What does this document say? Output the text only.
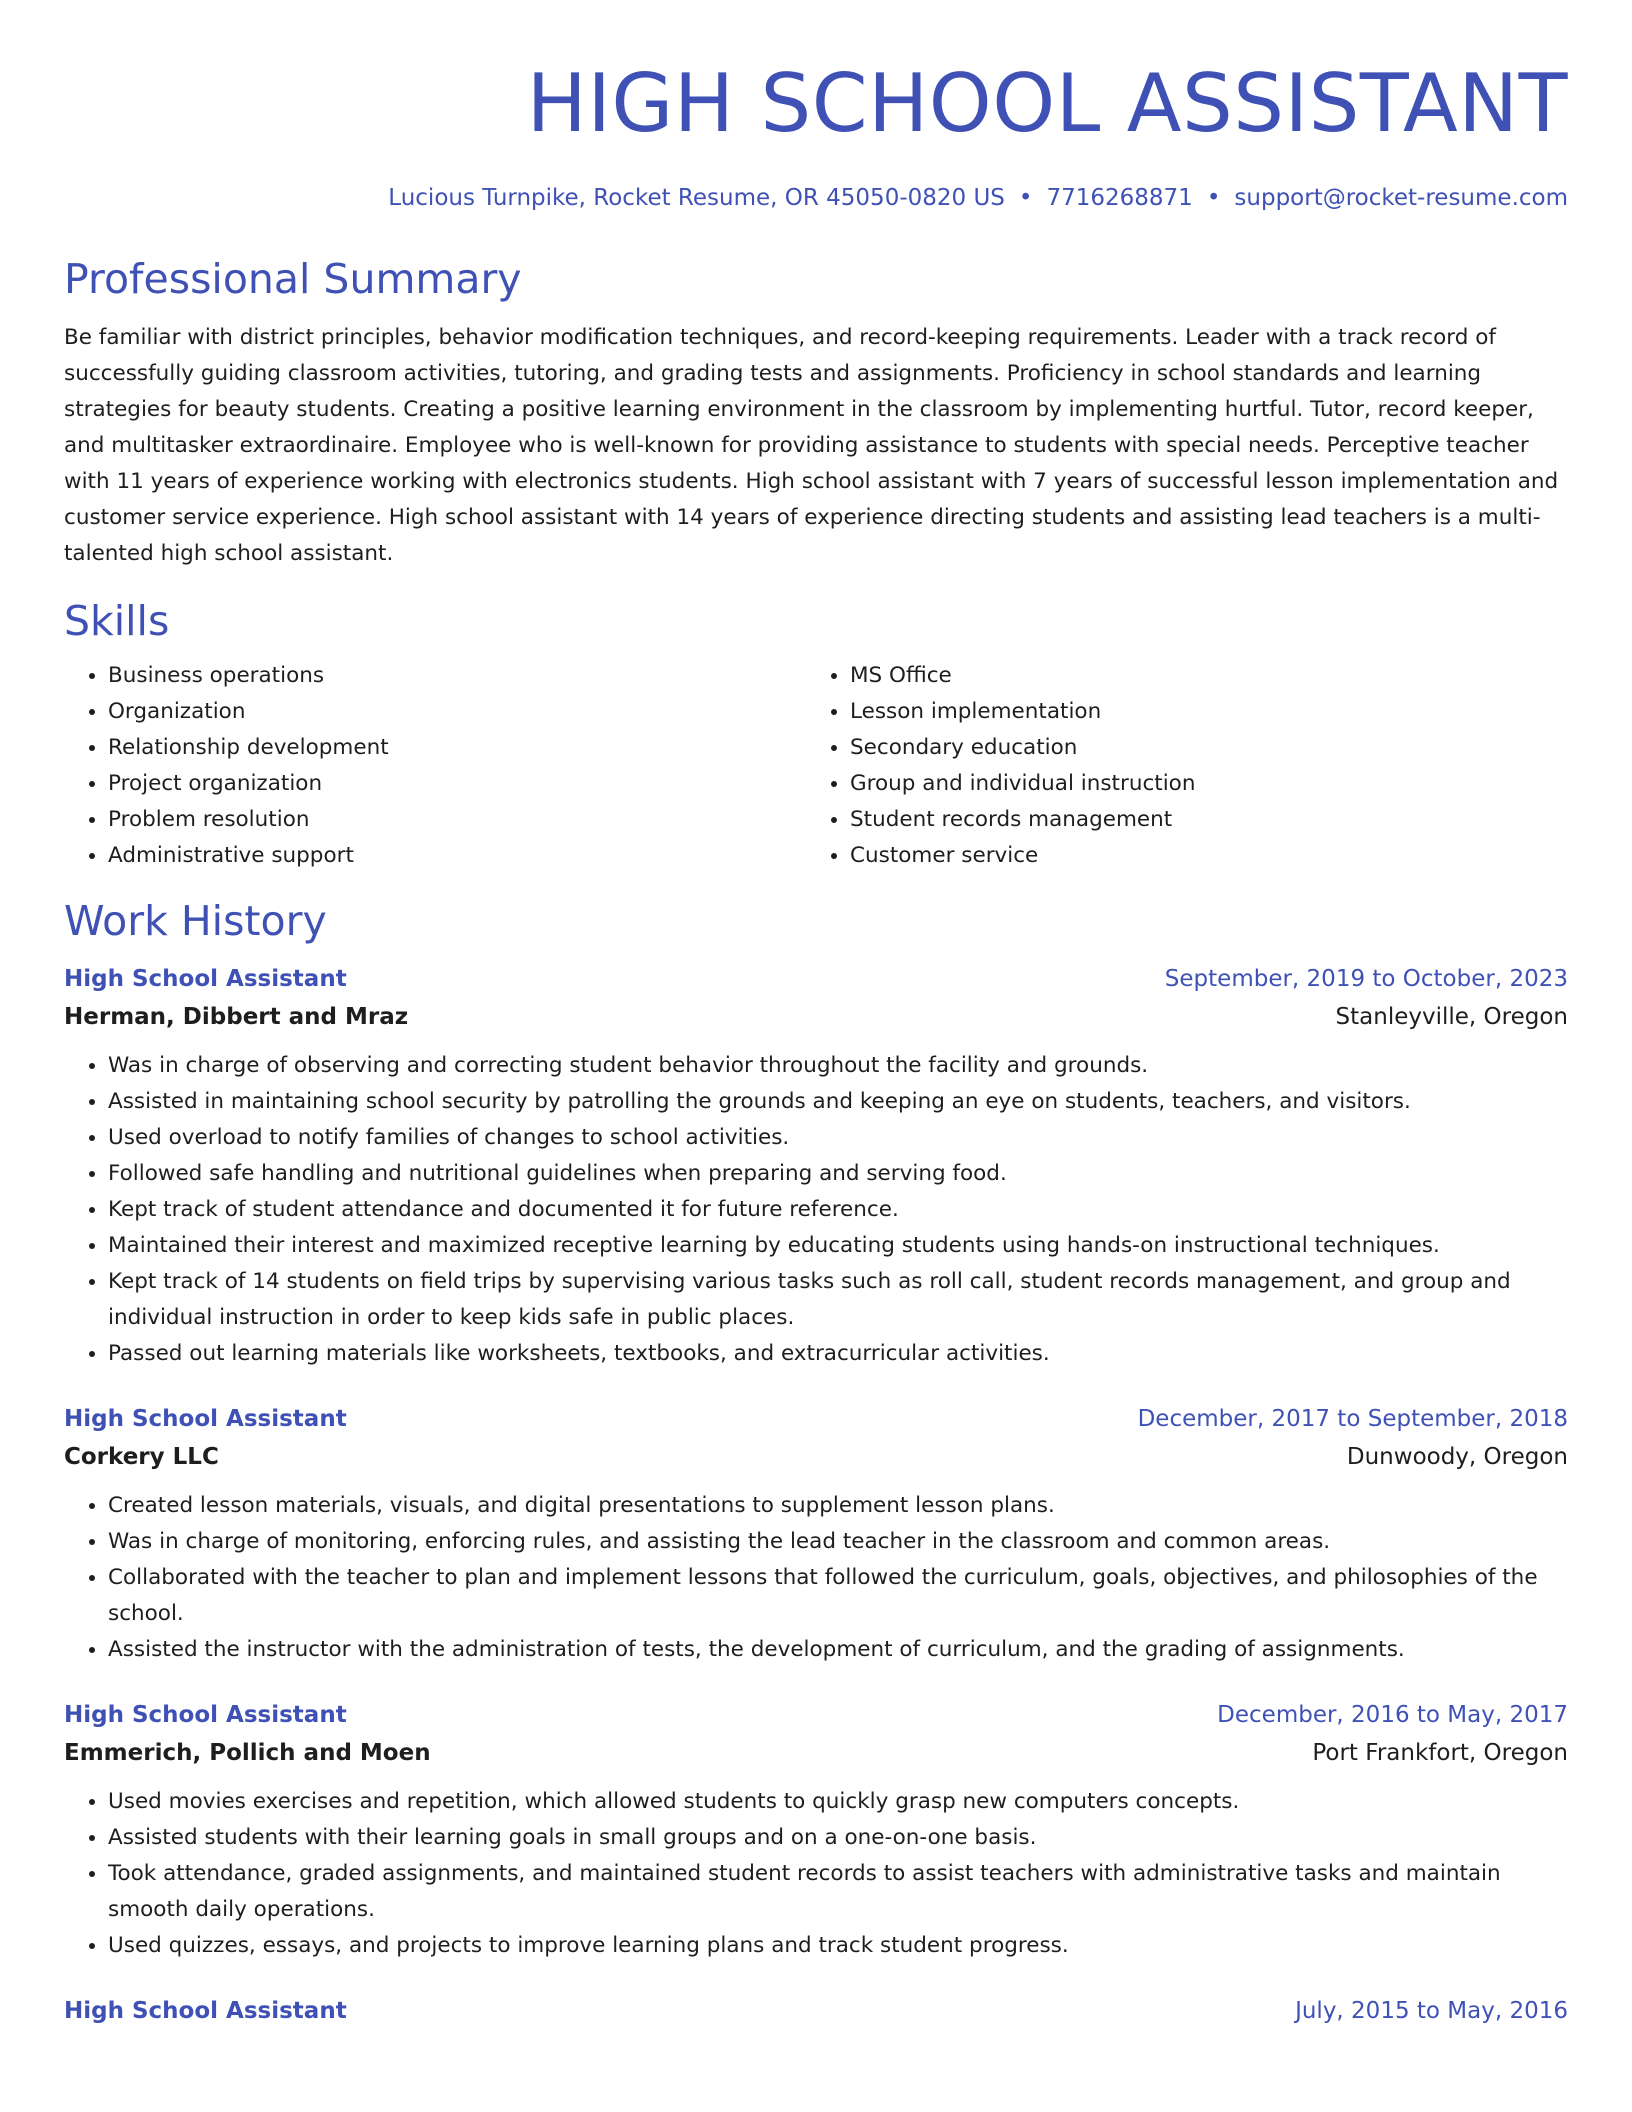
HIGH SCHOOL ASSISTANT
Lucious Turnpike, Rocket Resume, OR 45050-0820 US • 7716268871 • support@rocket-resume.com
Professional Summary
Be familiar with district principles, behavior modification techniques, and record-keeping requirements. Leader with a track record of successfully guiding classroom activities, tutoring, and grading tests and assignments. Proficiency in school standards and learning strategies for beauty students. Creating a positive learning environment in the classroom by implementing hurtful. Tutor, record keeper, and multitasker extraordinaire. Employee who is well-known for providing assistance to students with special needs. Perceptive teacher with 11 years of experience working with electronics students. High school assistant with 7 years of successful lesson implementation and customer service experience. High school assistant with 14 years of experience directing students and assisting lead teachers is a multi-talented high school assistant.
Skills
• Business operations
• Organization
• Relationship development
• Project organization
• Problem resolution
• Administrative support
• MS Office
• Lesson implementation
• Secondary education
• Group and individual instruction
• Student records management
• Customer service
Work History
High School Assistant	September, 2019 to October, 2023
Herman, Dibbert and Mraz	Stanleyville, Oregon
• Was in charge of observing and correcting student behavior throughout the facility and grounds.
• Assisted in maintaining school security by patrolling the grounds and keeping an eye on students, teachers, and visitors.
• Used overload to notify families of changes to school activities.
• Followed safe handling and nutritional guidelines when preparing and serving food.
• Kept track of student attendance and documented it for future reference.
• Maintained their interest and maximized receptive learning by educating students using hands-on instructional techniques.
• Kept track of 14 students on field trips by supervising various tasks such as roll call, student records management, and group and individual instruction in order to keep kids safe in public places.
• Passed out learning materials like worksheets, textbooks, and extracurricular activities.
High School Assistant	December, 2017 to September, 2018
Corkery LLC	Dunwoody, Oregon
• Created lesson materials, visuals, and digital presentations to supplement lesson plans.
• Was in charge of monitoring, enforcing rules, and assisting the lead teacher in the classroom and common areas.
• Collaborated with the teacher to plan and implement lessons that followed the curriculum, goals, objectives, and philosophies of the school.
• Assisted the instructor with the administration of tests, the development of curriculum, and the grading of assignments.
High School Assistant	December, 2016 to May, 2017
Emmerich, Pollich and Moen	Port Frankfort, Oregon
• Used movies exercises and repetition, which allowed students to quickly grasp new computers concepts.
• Assisted students with their learning goals in small groups and on a one-on-one basis.
• Took attendance, graded assignments, and maintained student records to assist teachers with administrative tasks and maintain smooth daily operations.
• Used quizzes, essays, and projects to improve learning plans and track student progress.
High School Assistant	July, 2015 to May, 2016
